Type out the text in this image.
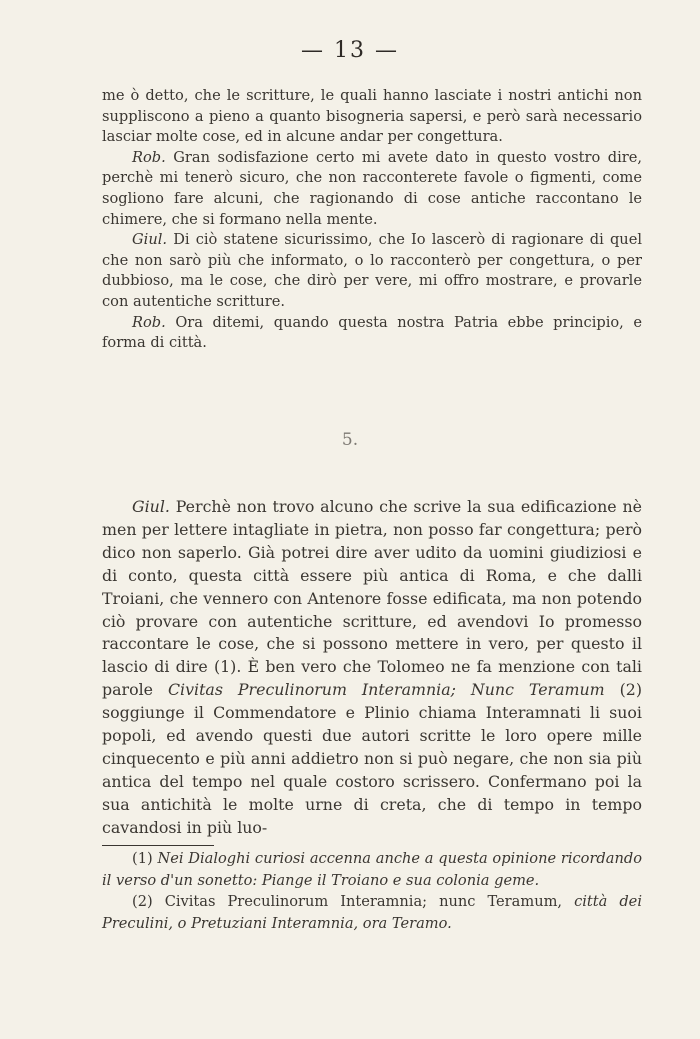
— 13 —

me ò detto, che le scritture, le quali hanno lasciate i nostri antichi non suppliscono a pieno a quanto bisogneria sapersi, e però sarà necessario lasciar molte cose, ed in alcune andar per congettura.

Rob. Gran sodisfazione certo mi avete dato in questo vostro dire, perchè mi tenerò sicuro, che non racconterete favole o figmenti, come sogliono fare alcuni, che ragionando di cose antiche raccontano le chimere, che si formano nella mente.

Giul. Di ciò statene sicurissimo, che Io lascerò di ragionare di quel che non sarò più che informato, o lo racconterò per congettura, o per dubbioso, ma le cose, che dirò per vere, mi offro mostrare, e provarle con autentiche scritture.

Rob. Ora ditemi, quando questa nostra Patria ebbe principio, e forma di città.

5.

Giul. Perchè non trovo alcuno che scrive la sua edificazione nè men per lettere intagliate in pietra, non posso far congettura; però dico non saperlo. Già potrei dire aver udito da uomini giudiziosi e di conto, questa città essere più antica di Roma, e che dalli Troiani, che vennero con Antenore fosse edificata, ma non potendo ciò provare con autentiche scritture, ed avendovi Io promesso raccontare le cose, che si possono mettere in vero, per questo il lascio di dire (1). È ben vero che Tolomeo ne fa menzione con tali parole Civitas Preculinorum Interamnia; Nunc Teramum (2) soggiunge il Commendatore e Plinio chiama Interamnati li suoi popoli, ed avendo questi due autori scritte le loro opere mille cinquecento e più anni addietro non si può negare, che non sia più antica del tempo nel quale costoro scrissero. Confermano poi la sua antichità le molte urne di creta, che di tempo in tempo cavandosi in più luo-

(1) Nei Dialoghi curiosi accenna anche a questa opinione ricordando il verso d'un sonetto: Piange il Troiano e sua colonia geme.

(2) Civitas Preculinorum Interamnia; nunc Teramum, città dei Preculini, o Pretuziani Interamnia, ora Teramo.
